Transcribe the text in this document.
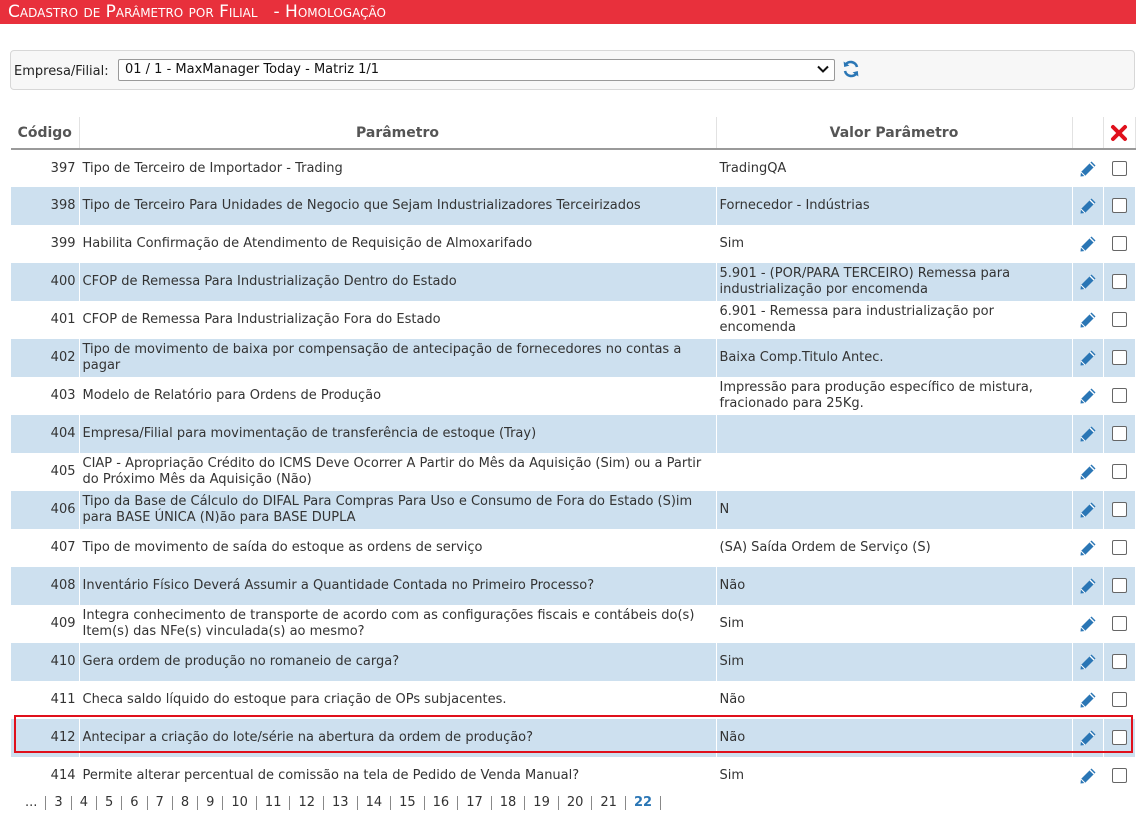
Cadastro de Parâmetro por Filial - Homologação
Empresa/Filial:	01 / 1 - MaxManager Today - Matriz 1/1
Código	Parâmetro	Valor Parâmetro		
397	Tipo de Terceiro de Importador - Trading	TradingQA		
398	Tipo de Terceiro Para Unidades de Negocio que Sejam Industrializadores Terceirizados	Fornecedor - Indústrias		
399	Habilita Confirmação de Atendimento de Requisição de Almoxarifado	Sim		
400	CFOP de Remessa Para Industrialização Dentro do Estado	5.901 - (POR/PARA TERCEIRO) Remessa para industrialização por encomenda		
401	CFOP de Remessa Para Industrialização Fora do Estado	6.901 - Remessa para industrialização por encomenda		
402	Tipo de movimento de baixa por compensação de antecipação de fornecedores no contas a pagar	Baixa Comp.Titulo Antec.		
403	Modelo de Relatório para Ordens de Produção	Impressão para produção específico de mistura, fracionado para 25Kg.		
404	Empresa/Filial para movimentação de transferência de estoque (Tray)			
405	CIAP - Apropriação Crédito do ICMS Deve Ocorrer A Partir do Mês da Aquisição (Sim) ou a Partir do Próximo Mês da Aquisição (Não)			
406	Tipo da Base de Cálculo do DIFAL Para Compras Para Uso e Consumo de Fora do Estado (S)im para BASE ÚNICA (N)ão para BASE DUPLA	N		
407	Tipo de movimento de saída do estoque as ordens de serviço	(SA) Saída Ordem de Serviço (S)		
408	Inventário Físico Deverá Assumir a Quantidade Contada no Primeiro Processo?	Não		
409	Integra conhecimento de transporte de acordo com as configurações fiscais e contábeis do(s) Item(s) das NFe(s) vinculada(s) ao mesmo?	Sim		
410	Gera ordem de produção no romaneio de carga?	Sim		
411	Checa saldo líquido do estoque para criação de OPs subjacentes.	Não		
412	Antecipar a criação do lote/série na abertura da ordem de produção?	Não		
414	Permite alterar percentual de comissão na tela de Pedido de Venda Manual?	Sim		
... 3 4 5 6 7 8 9 10 11 12 13 14 15 16 17 18 19 20 21 22
